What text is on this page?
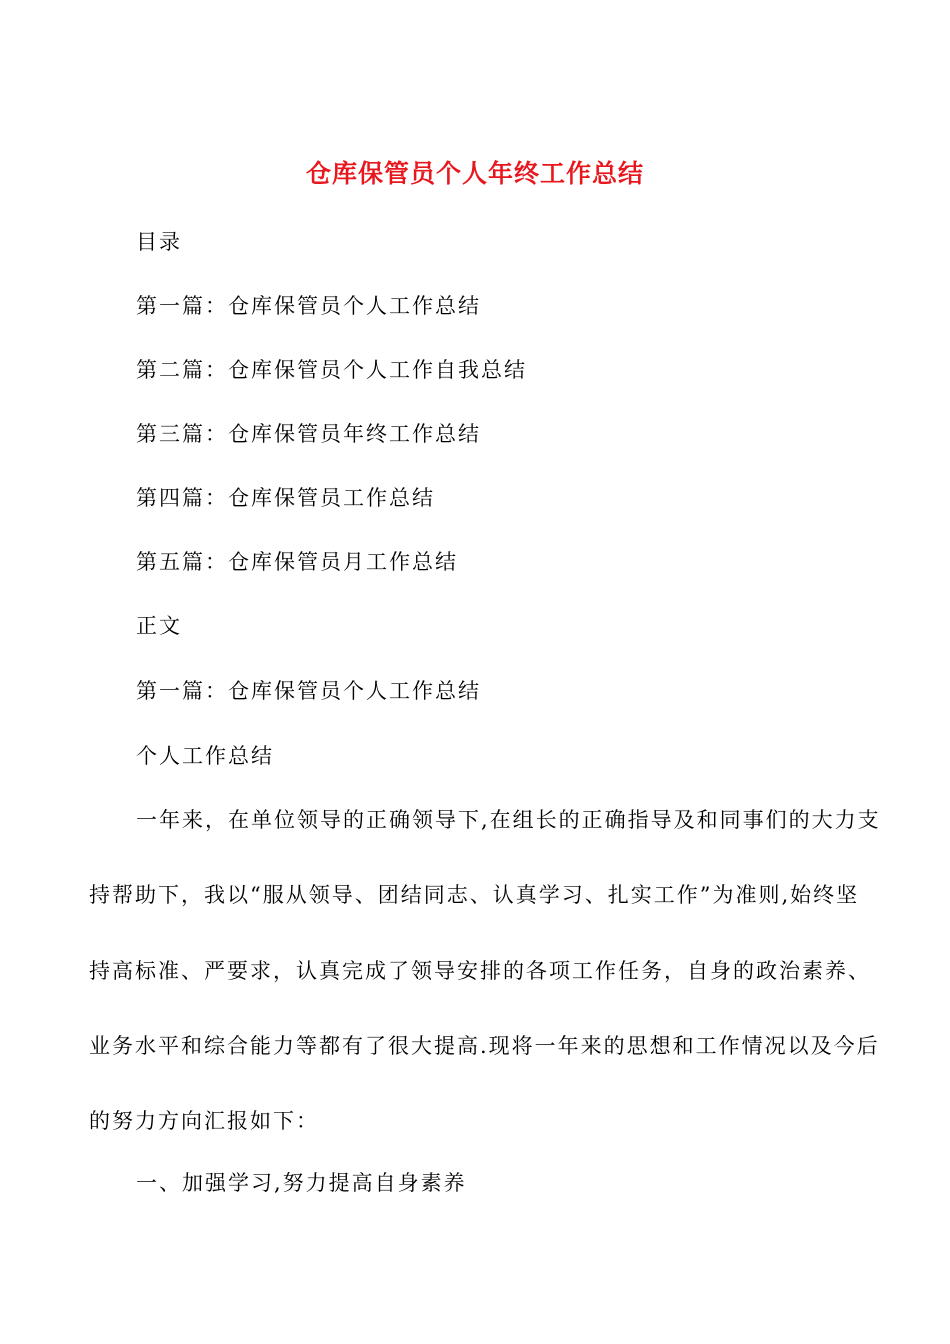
仓库保管员个人年终工作总结
目录
第一篇：仓库保管员个人工作总结
第二篇：仓库保管员个人工作自我总结
第三篇：仓库保管员年终工作总结
第四篇：仓库保管员工作总结
第五篇：仓库保管员月工作总结
正文
第一篇：仓库保管员个人工作总结
个人工作总结
一年来，在单位领导的正确领导下,在组长的正确指导及和同事们的大力支
持帮助下，我以“服从领导、团结同志、认真学习、扎实工作”为准则,始终坚
持高标准、严要求，认真完成了领导安排的各项工作任务，自身的政治素养、
业务水平和综合能力等都有了很大提高.现将一年来的思想和工作情况以及今后
的努力方向汇报如下：
一、加强学习,努力提高自身素养
